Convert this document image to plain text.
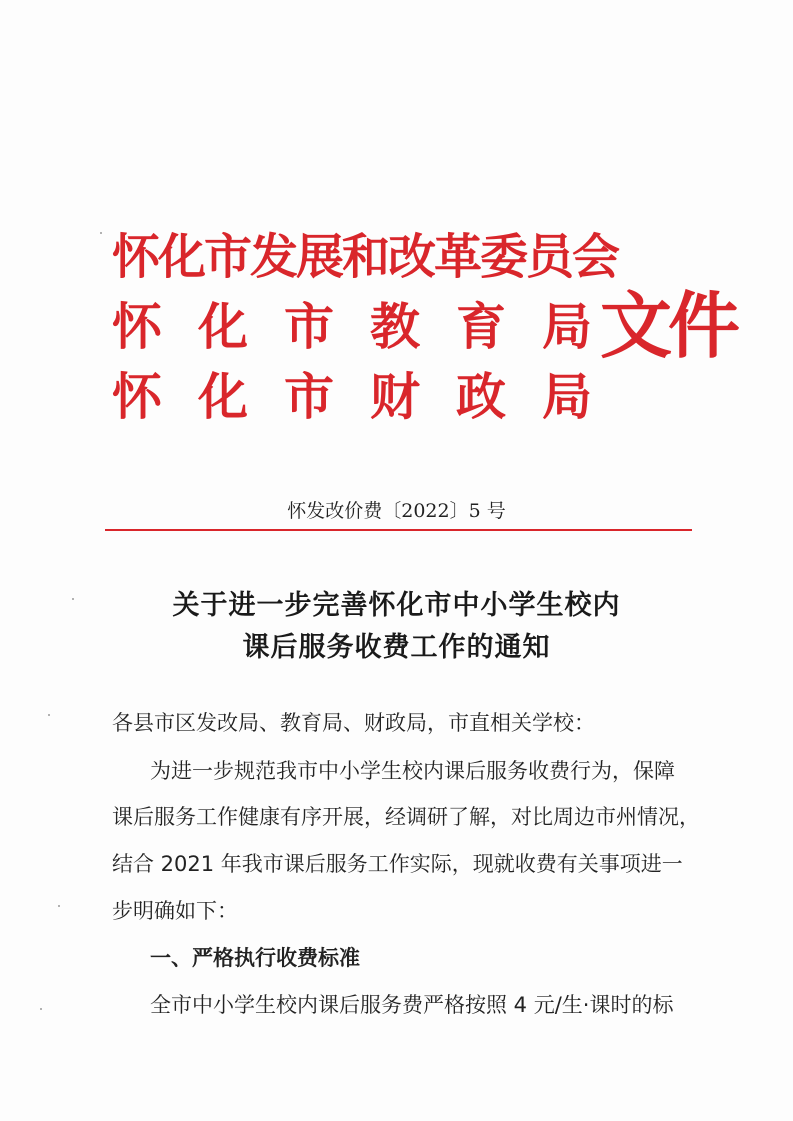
怀化市发展和改革委员会
怀 化 市 教 育 局
怀 化 市 财 政 局
文件
怀发改价费〔2022〕5 号
关于进一步完善怀化市中小学生校内
课后服务收费工作的通知
各县市区发改局、教育局、财政局，市直相关学校：
为进一步规范我市中小学生校内课后服务收费行为，保障
课后服务工作健康有序开展，经调研了解，对比周边市州情况，
结合 2021 年我市课后服务工作实际，现就收费有关事项进一
步明确如下：
一、严格执行收费标准
全市中小学生校内课后服务费严格按照 4 元/生·课时的标
